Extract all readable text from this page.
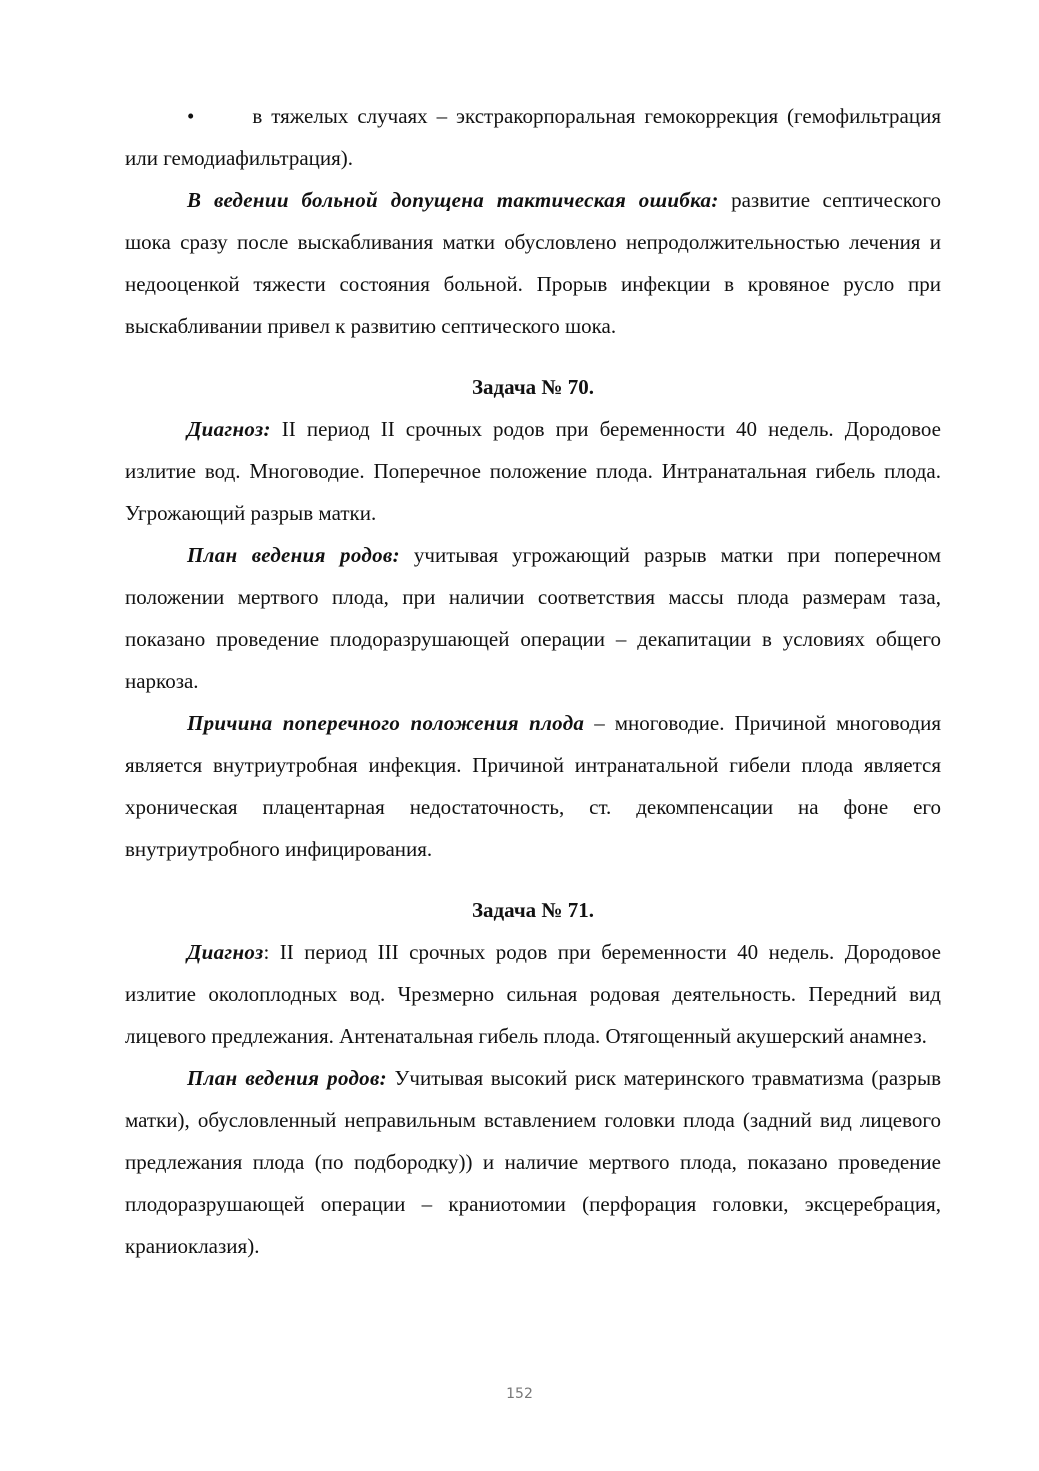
•	в тяжелых случаях – экстракорпоральная гемокоррекция (гемофильтрация или гемодиафильтрация).

В ведении больной допущена тактическая ошибка: развитие септического шока сразу после выскабливания матки обусловлено непродолжительностью лечения и недооценкой тяжести состояния больной. Прорыв инфекции в кровяное русло при выскабливании привел к развитию септического шока.

Задача № 70.

Диагноз: II период II срочных родов при беременности 40 недель. Дородовое излитие вод. Многоводие. Поперечное положение плода. Интранатальная гибель плода. Угрожающий разрыв матки.

План ведения родов: учитывая угрожающий разрыв матки при поперечном положении мертвого плода, при наличии соответствия массы плода размерам таза, показано проведение плодоразрушающей операции – декапитации в условиях общего наркоза.

Причина поперечного положения плода – многоводие. Причиной многоводия является внутриутробная инфекция. Причиной интранатальной гибели плода является хроническая плацентарная недостаточность, ст. декомпенсации на фоне его внутриутробного инфицирования.

Задача № 71.

Диагноз: II период III срочных родов при беременности 40 недель. Дородовое излитие околоплодных вод. Чрезмерно сильная родовая деятельность. Передний вид лицевого предлежания. Антенатальная гибель плода. Отягощенный акушерский анамнез.

План ведения родов: Учитывая высокий риск материнского травматизма (разрыв матки), обусловленный неправильным вставлением головки плода (задний вид лицевого предлежания плода (по подбородку)) и наличие мертвого плода, показано проведение плодоразрушающей операции – краниотомии (перфорация головки, эксцеребрация, краниоклазия).

152
